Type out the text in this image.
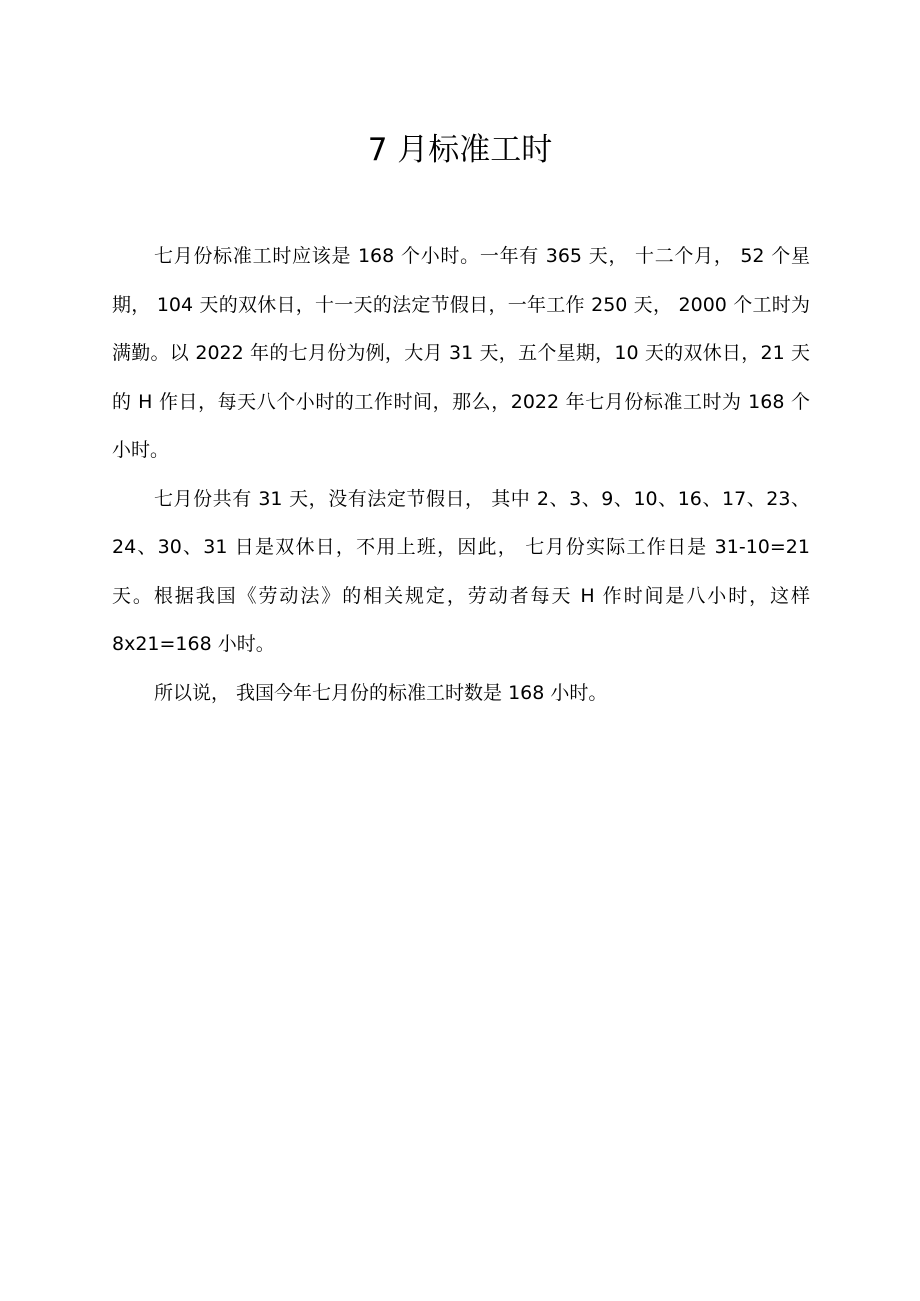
7 月标准工时

七月份标准工时应该是 168 个小时。一年有 365 天， 十二个月， 52 个星期， 104 天的双休日，十一天的法定节假日，一年工作 250 天， 2000 个工时为满勤。以 2022 年的七月份为例，大月 31 天，五个星期，10 天的双休日，21 天的 H 作日，每天八个小时的工作时间，那么，2022 年七月份标准工时为 168 个小时。

七月份共有 31 天，没有法定节假日， 其中 2、3、9、10、16、17、23、24、30、31 日是双休日，不用上班，因此， 七月份实际工作日是 31-10=21 天。根据我国《劳动法》的相关规定，劳动者每天 H 作时间是八小时，这样 8x21=168 小时。

所以说， 我国今年七月份的标准工时数是 168 小时。
